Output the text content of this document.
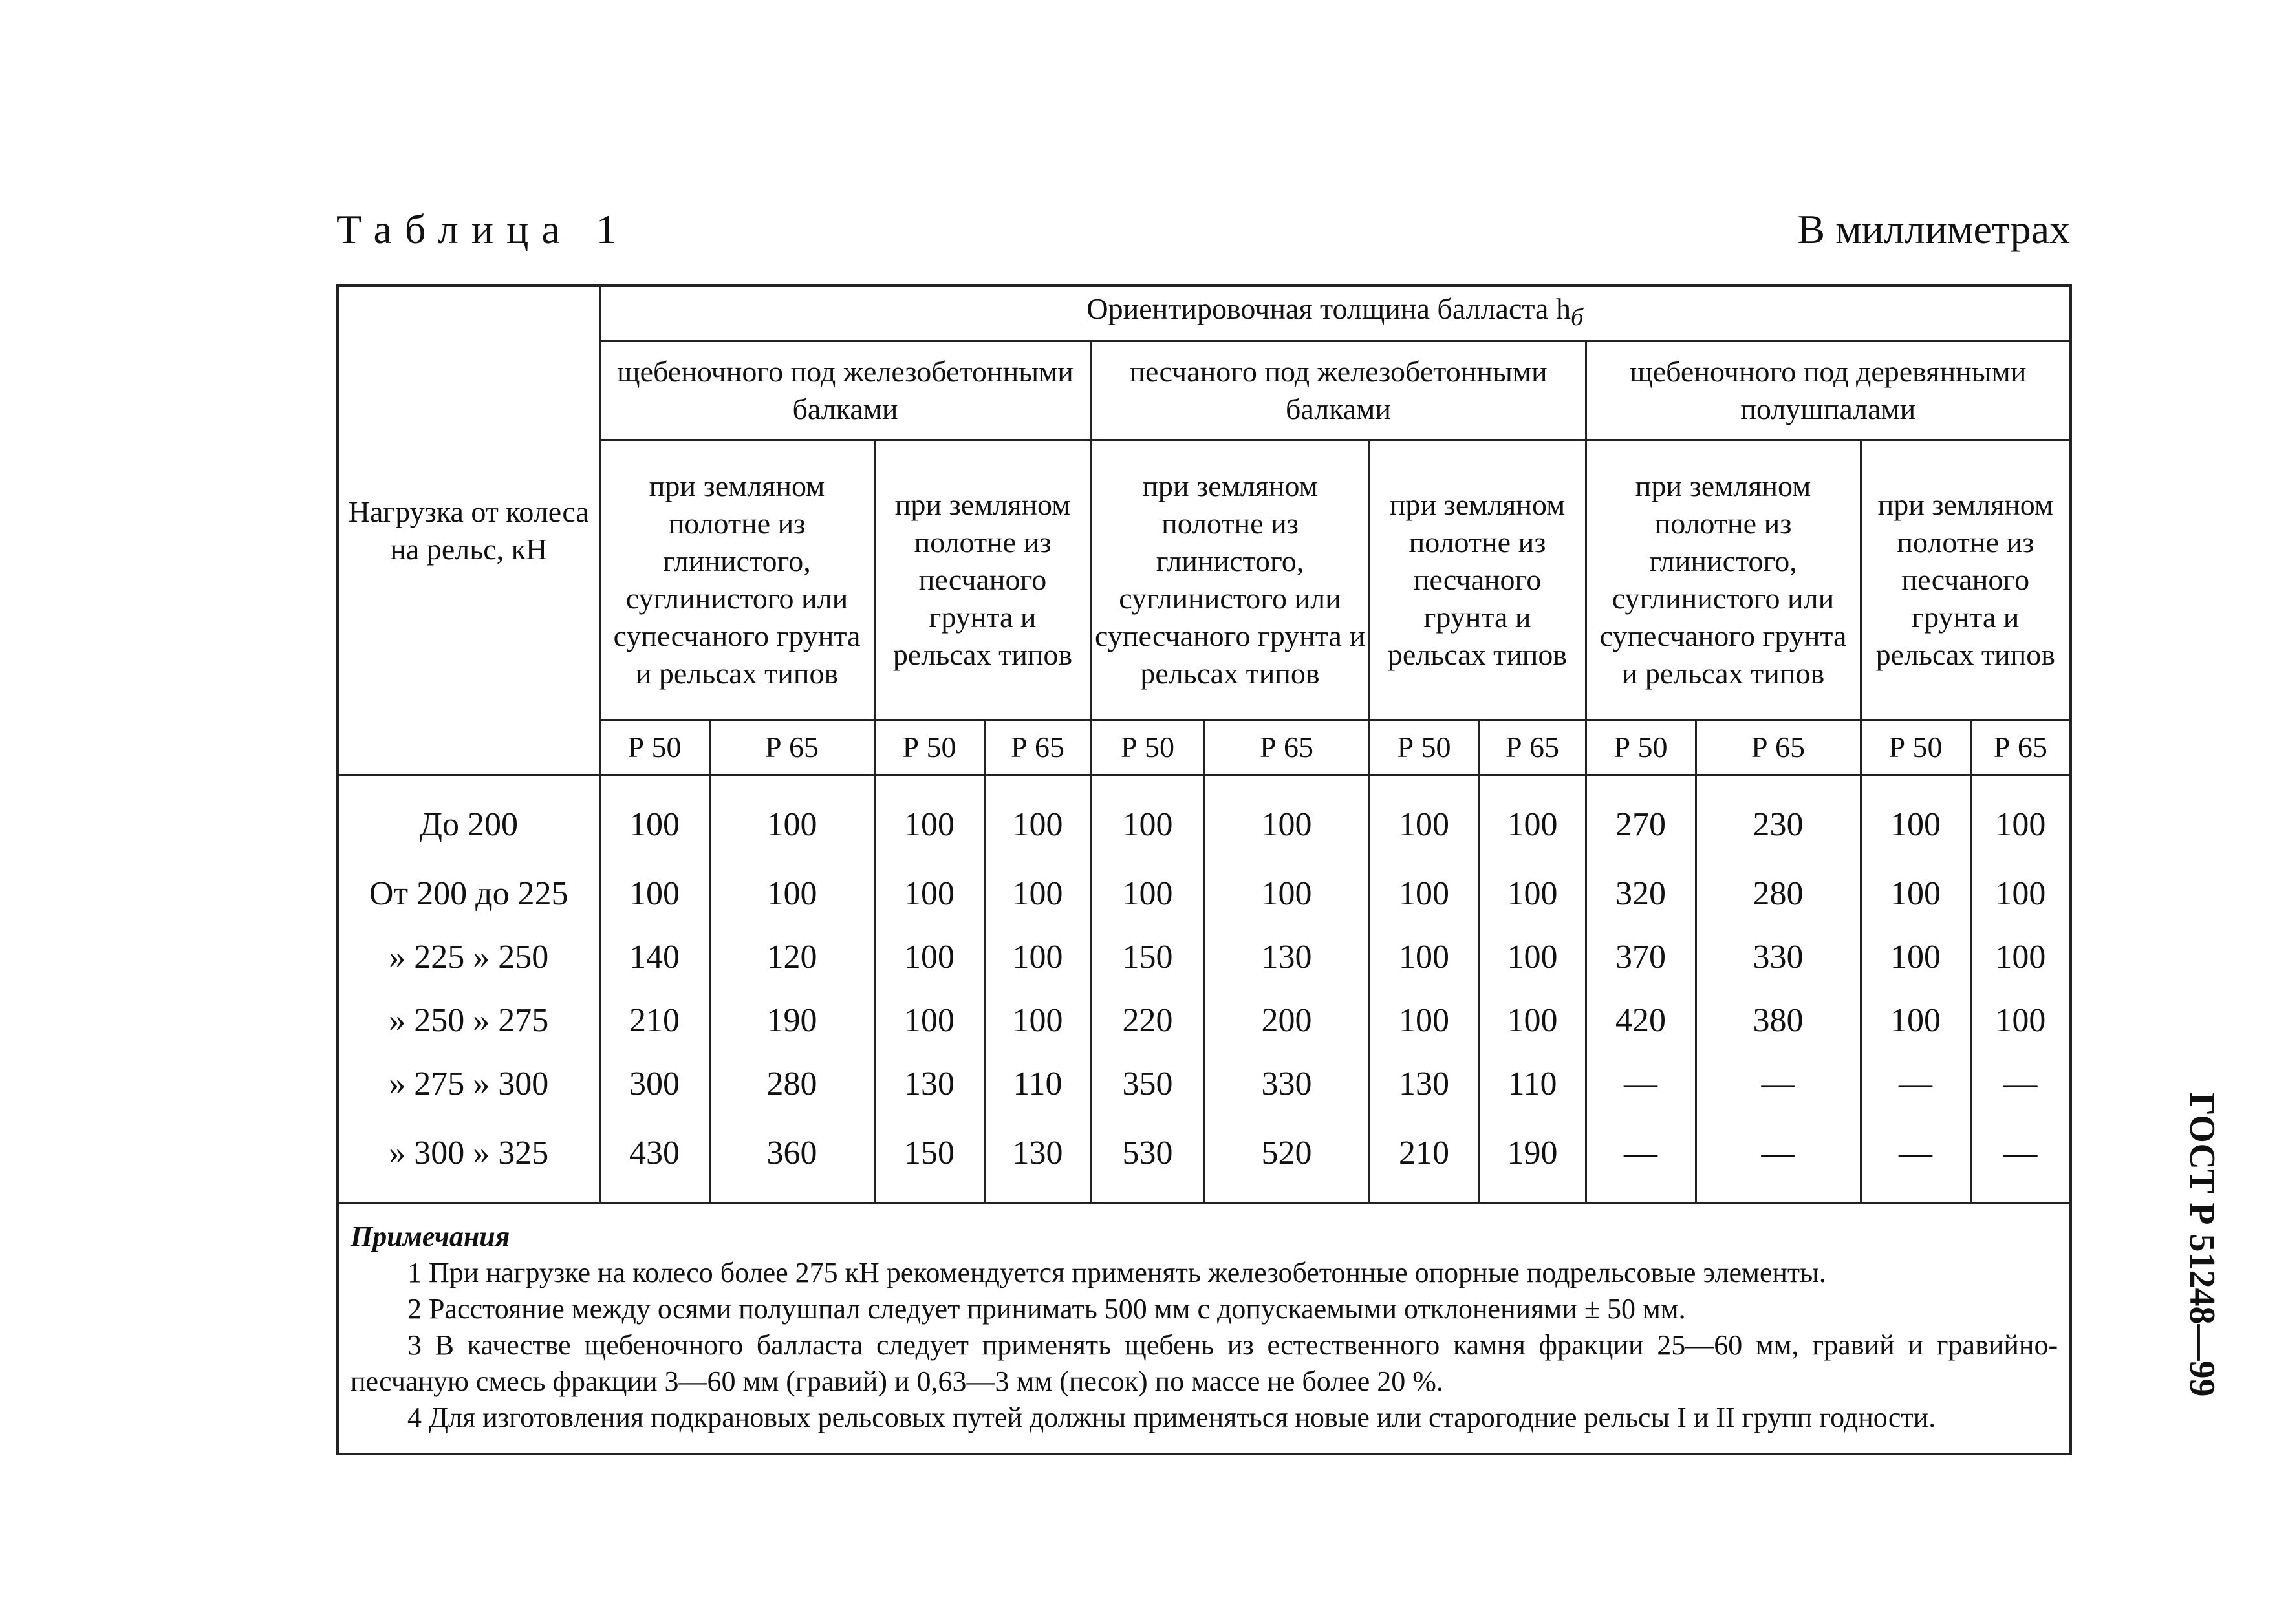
Таблица 1	В миллиметрах
ГОСТ Р 51248—99
Нагрузка от колеса на рельс, кН	Ориентировочная толщина балласта $h_б$
	щебеночного под железобетонными балками				песчаного под железобетонными балками				щебеночного под деревянными полушпалами			
	при земляном полотне из глинистого, суглинистого или супесчаного грунта и рельсах типов		при земляном полотне из песчаного грунта и рельсах типов		при земляном полотне из глинистого, суглинистого или супесчаного грунта и рельсах типов		при земляном полотне из песчаного грунта и рельсах типов		при земляном полотне из глинистого, суглинистого или супесчаного грунта и рельсах типов		при земляном полотне из песчаного грунта и рельсах типов	
	Р 50	Р 65	Р 50	Р 65	Р 50	Р 65	Р 50	Р 65	Р 50	Р 65	Р 50	Р 65
До 200	100	100	100	100	100	100	100	100	270	230	100	100
От 200 до 225	100	100	100	100	100	100	100	100	320	280	100	100
» 225 » 250	140	120	100	100	150	130	100	100	370	330	100	100
» 250 » 275	210	190	100	100	220	200	100	100	420	380	100	100
» 275 » 300	300	280	130	110	350	330	130	110	—	—	—	—
» 300 » 325	430	360	150	130	530	520	210	190	—	—	—	—

Примечания

1 При нагрузке на колесо более 275 кН рекомендуется применять железобетонные опорные подрельсовые элементы.

2 Расстояние между осями полушпал следует принимать 500 мм с допускаемыми отклонениями ± 50 мм.

3 В качестве щебеночного балласта следует применять щебень из естественного камня фракции 25—60 мм, гравий и гравийно-песчаную смесь фракции 3—60 мм (гравий) и 0,63—3 мм (песок) по массе не более 20 %.

4 Для изготовления подкрановых рельсовых путей должны применяться новые или старогодние рельсы I и II групп годности.												
